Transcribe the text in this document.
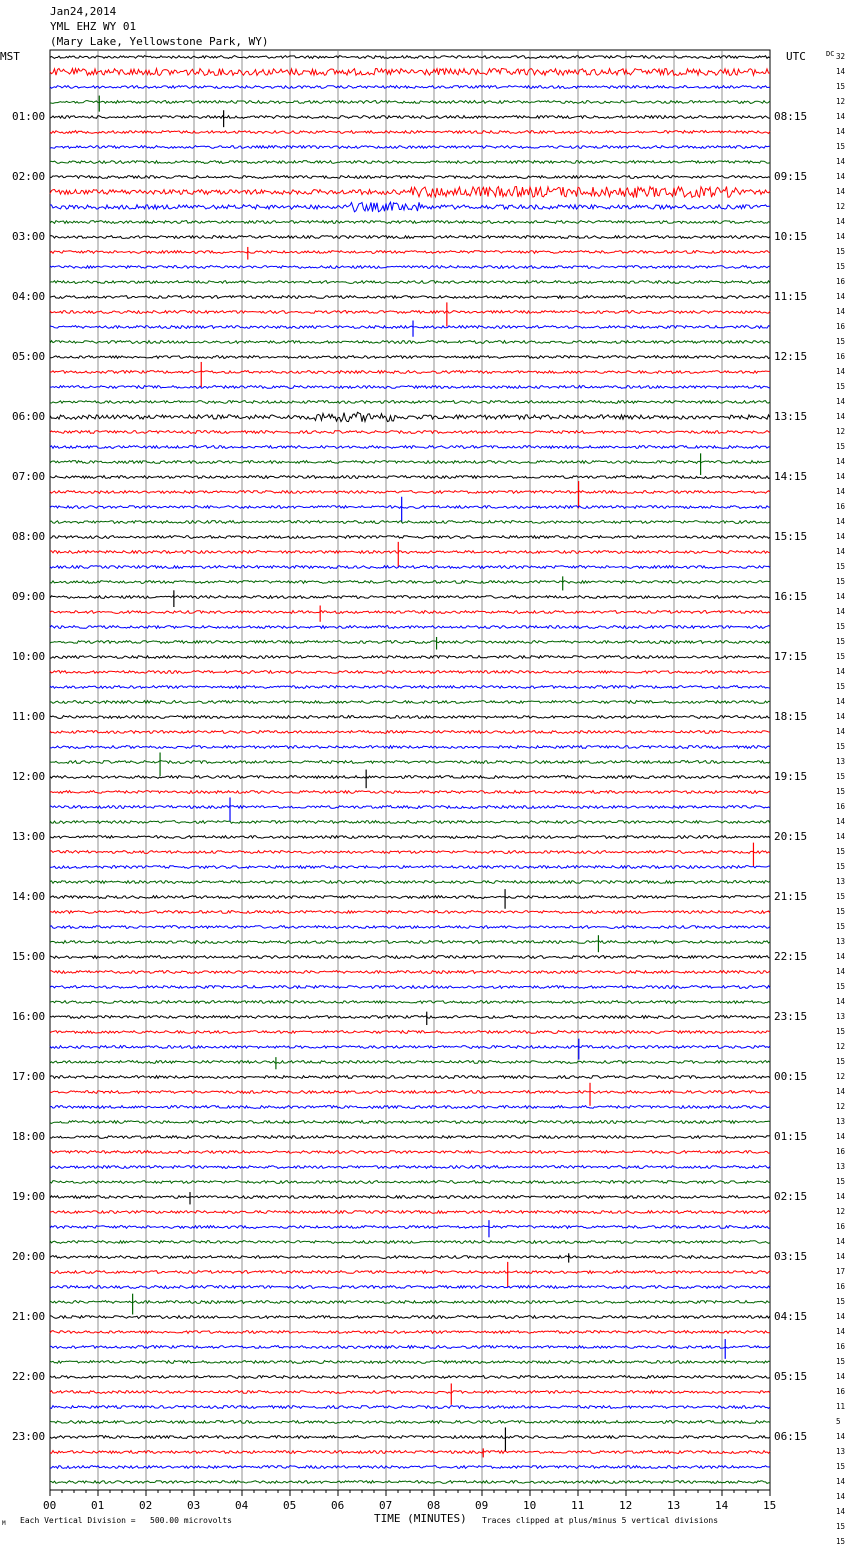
Jan24,2014
YML EHZ WY 01
(Mary Lake, Yellowstone Park, WY)
MST	UTC	DC
01:00
02:00
03:00
04:00
05:00
06:00
07:00
08:00
09:00
10:00
11:00
12:00
13:00
14:00
15:00
16:00
17:00
18:00
19:00
20:00
21:00
22:00
23:00
08:15
09:15
10:15
11:15
12:15
13:15
14:15
15:15
16:15
17:15
18:15
19:15
20:15
21:15
22:15
23:15
00:15
01:15
02:15
03:15
04:15
05:15
06:15
32
14
15
12
14
14
15
14
14
14
12
14
14
15
15
16
14
14
16
15
16
14
15
14
14
12
15
14
14
14
16
14
14
14
15
15
14
14
15
15
15
14
15
14
14
14
15
13
15
15
16
14
14
15
15
13
15
15
15
13
14
14
15
14
13
15
12
15
12
14
12
13
14
16
13
15
14
12
16
14
14
17
16
15
14
14
16
15
14
16
11
5
14
13
15
14
14
14
15
15
00	01	02	03	04	05	06	07	08	09	10	11	12	13	14	15
TIME (MINUTES)
Each Vertical Division =   500.00 microvolts	Traces clipped at plus/minus 5 vertical divisions
M
